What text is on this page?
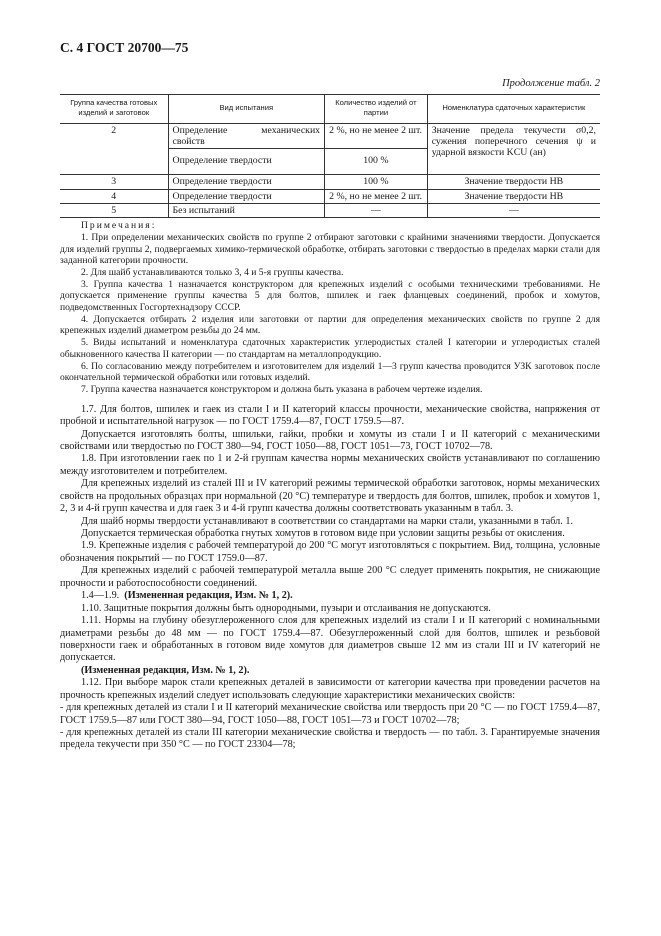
С. 4 ГОСТ 20700—75
Продолжение табл. 2
Группа качества готовых изделий и заготовок	Вид испытания	Количество изделий от партии	Номенклатура сдаточных характеристик
2	Определение механических свойств	2 %, но не менее 2 шт.	Значение предела текучести σ0,2, сужения поперечного сечения ψ и ударной вязкости KCU (aн)
	Определение твердости	100 %	
3	Определение твердости	100 %	Значение твердости НВ
4	Определение твердости	2 %, но не менее 2 шт.	Значение твердости НВ
5	Без испытаний	—	—

Примечания:

1. При определении механических свойств по группе 2 отбирают заготовки с крайними значениями твердости. Допускается для изделий группы 2, подвергаемых химико-термической обработке, отбирать заготовки с твердостью в пределах марки стали для заданной категории прочности.

2. Для шайб устанавливаются только 3, 4 и 5-я группы качества.

3. Группа качества 1 назначается конструктором для крепежных изделий с особыми техническими требованиями. Не допускается применение группы качества 5 для болтов, шпилек и гаек фланцевых соединений, пробок и хомутов, подведомственных Госгортехнадзору СССР.

4. Допускается отбирать 2 изделия или заготовки от партии для определения механических свойств по группе 2 для крепежных изделий диаметром резьбы до 24 мм.

5. Виды испытаний и номенклатура сдаточных характеристик углеродистых сталей I категории и углеродистых сталей обыкновенного качества II категории — по стандартам на металлопродукцию.

6. По согласованию между потребителем и изготовителем для изделий 1—3 групп качества проводится УЗК заготовок после окончательной термической обработки или готовых изделий.

7. Группа качества назначается конструктором и должна быть указана в рабочем чертеже изделия.

1.7. Для болтов, шпилек и гаек из стали I и II категорий классы прочности, механические свойства, напряжения от пробной и испытательной нагрузок — по ГОСТ 1759.4—87, ГОСТ 1759.5—87.

Допускается изготовлять болты, шпильки, гайки, пробки и хомуты из стали I и II категорий с механическими свойствами или твердостью по ГОСТ 380—94, ГОСТ 1050—88, ГОСТ 1051—73, ГОСТ 10702—78.

1.8. При изготовлении гаек по 1 и 2-й группам качества нормы механических свойств устанавливают по соглашению между изготовителем и потребителем.

Для крепежных изделий из сталей III и IV категорий режимы термической обработки заготовок, нормы механических свойств на продольных образцах при нормальной (20 °С) температуре и твердость для болтов, шпилек, пробок и хомутов 1, 2, 3 и 4-й групп качества и для гаек 3 и 4-й групп качества должны соответствовать указанным в табл. 3.

Для шайб нормы твердости устанавливают в соответствии со стандартами на марки стали, указанными в табл. 1.

Допускается термическая обработка гнутых хомутов в готовом виде при условии защиты резьбы от окисления.

1.9. Крепежные изделия с рабочей температурой до 200 °С могут изготовляться с покрытием. Вид, толщина, условные обозначения покрытий — по ГОСТ 1759.0—87.

Для крепежных изделий с рабочей температурой металла выше 200 °С следует применять покрытия, не снижающие прочности и работоспособности соединений.

1.4—1.9. (Измененная редакция, Изм. № 1, 2).

1.10. Защитные покрытия должны быть однородными, пузыри и отслаивания не допускаются.

1.11. Нормы на глубину обезуглероженного слоя для крепежных изделий из стали I и II категорий с номинальными диаметрами резьбы до 48 мм — по ГОСТ 1759.4—87. Обезуглероженный слой для болтов, шпилек и резьбовой поверхности гаек и обработанных в готовом виде хомутов для диаметров свыше 12 мм из стали III и IV категорий не допускается.

(Измененная редакция, Изм. № 1, 2).

1.12. При выборе марок стали крепежных деталей в зависимости от категории качества при проведении расчетов на прочность крепежных изделий следует использовать следующие характеристики механических свойств:

- для крепежных деталей из стали I и II категорий механические свойства или твердость при 20 °С — по ГОСТ 1759.4—87, ГОСТ 1759.5—87 или ГОСТ 380—94, ГОСТ 1050—88, ГОСТ 1051—73 и ГОСТ 10702—78;

- для крепежных деталей из стали III категории механические свойства и твердость — по табл. 3. Гарантируемые значения предела текучести при 350 °С — по ГОСТ 23304—78;
